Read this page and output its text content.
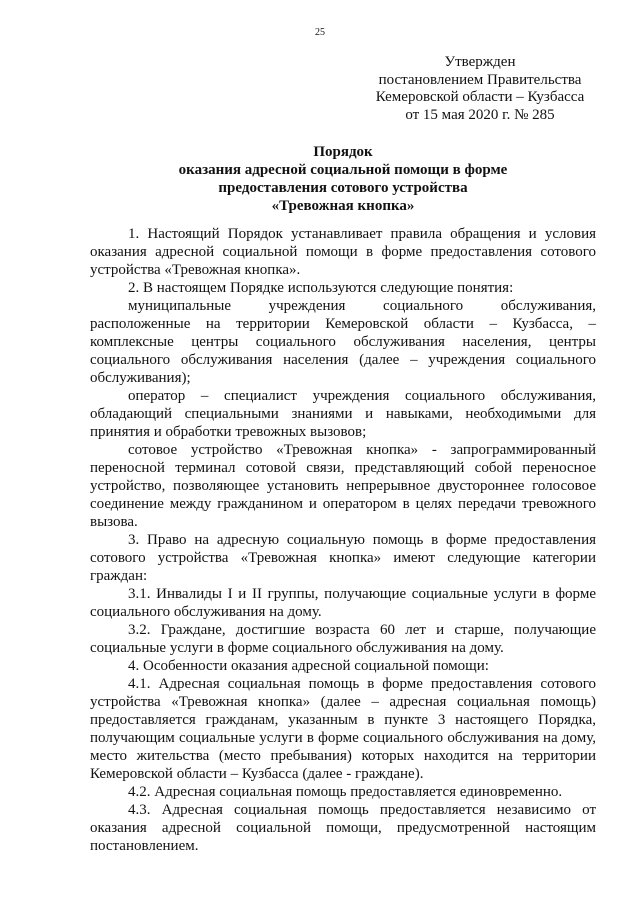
25
Утвержден
постановлением Правительства
Кемеровской области – Кузбасса
от 15 мая 2020 г. № 285
Порядок
оказания адресной социальной помощи в форме
предоставления сотового устройства
«Тревожная кнопка»

1. Настоящий Порядок устанавливает правила обращения и условия оказания адресной социальной помощи в форме предоставления сотового устройства «Тревожная кнопка».

2. В настоящем Порядке используются следующие понятия:

муниципальные учреждения социального обслуживания, расположенные на территории Кемеровской области – Кузбасса, – комплексные центры социального обслуживания населения, центры социального обслуживания населения (далее – учреждения социального обслуживания);

оператор – специалист учреждения социального обслуживания, обладающий специальными знаниями и навыками, необходимыми для принятия и обработки тревожных вызовов;

сотовое устройство «Тревожная кнопка» - запрограммированный переносной терминал сотовой связи, представляющий собой переносное устройство, позволяющее установить непрерывное двустороннее голосовое соединение между гражданином и оператором в целях передачи тревожного вызова.

3. Право на адресную социальную помощь в форме предоставления сотового устройства «Тревожная кнопка» имеют следующие категории граждан:

3.1. Инвалиды I и II группы, получающие социальные услуги в форме социального обслуживания на дому.

3.2. Граждане, достигшие возраста 60 лет и старше, получающие социальные услуги в форме социального обслуживания на дому.

4. Особенности оказания адресной социальной помощи:

4.1. Адресная социальная помощь в форме предоставления сотового устройства «Тревожная кнопка» (далее – адресная социальная помощь) предоставляется гражданам, указанным в пункте 3 настоящего Порядка, получающим социальные услуги в форме социального обслуживания на дому, место жительства (место пребывания) которых находится на территории Кемеровской области – Кузбасса (далее - граждане).

4.2. Адресная социальная помощь предоставляется единовременно.

4.3. Адресная социальная помощь предоставляется независимо от оказания адресной социальной помощи, предусмотренной настоящим постановлением.
